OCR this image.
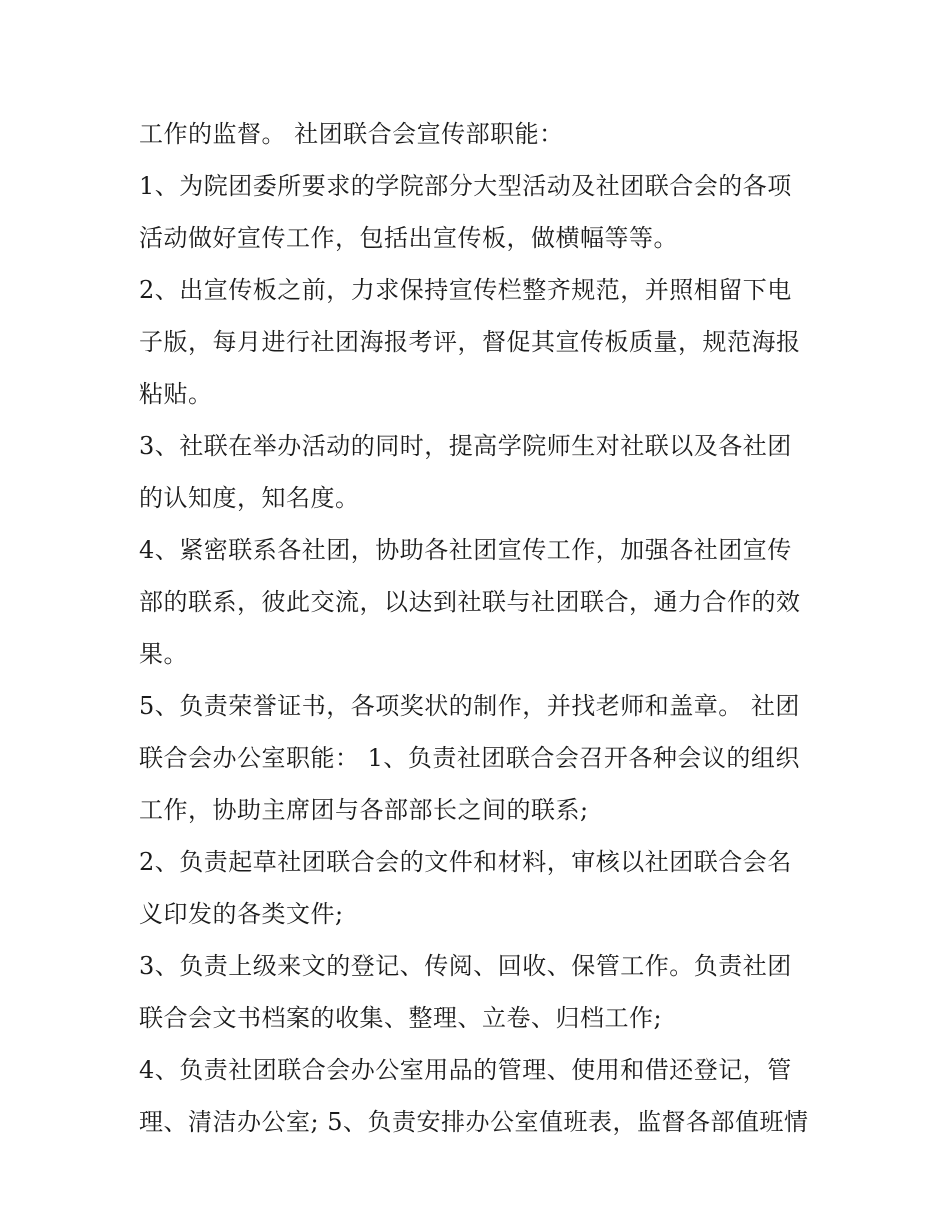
工作的监督。 社团联合会宣传部职能：
1、为院团委所要求的学院部分大型活动及社团联合会的各项
活动做好宣传工作，包括出宣传板，做横幅等等。
2、出宣传板之前，力求保持宣传栏整齐规范，并照相留下电
子版，每月进行社团海报考评，督促其宣传板质量，规范海报
粘贴。
3、社联在举办活动的同时，提高学院师生对社联以及各社团
的认知度，知名度。
4、紧密联系各社团，协助各社团宣传工作，加强各社团宣传
部的联系，彼此交流，以达到社联与社团联合，通力合作的效
果。
5、负责荣誉证书，各项奖状的制作，并找老师和盖章。 社团
联合会办公室职能： 1、负责社团联合会召开各种会议的组织
工作，协助主席团与各部部长之间的联系;
2、负责起草社团联合会的文件和材料，审核以社团联合会名
义印发的各类文件;
3、负责上级来文的登记、传阅、回收、保管工作。负责社团
联合会文书档案的收集、整理、立卷、归档工作;
4、负责社团联合会办公室用品的管理、使用和借还登记，管
理、清洁办公室; 5、负责安排办公室值班表，监督各部值班情
